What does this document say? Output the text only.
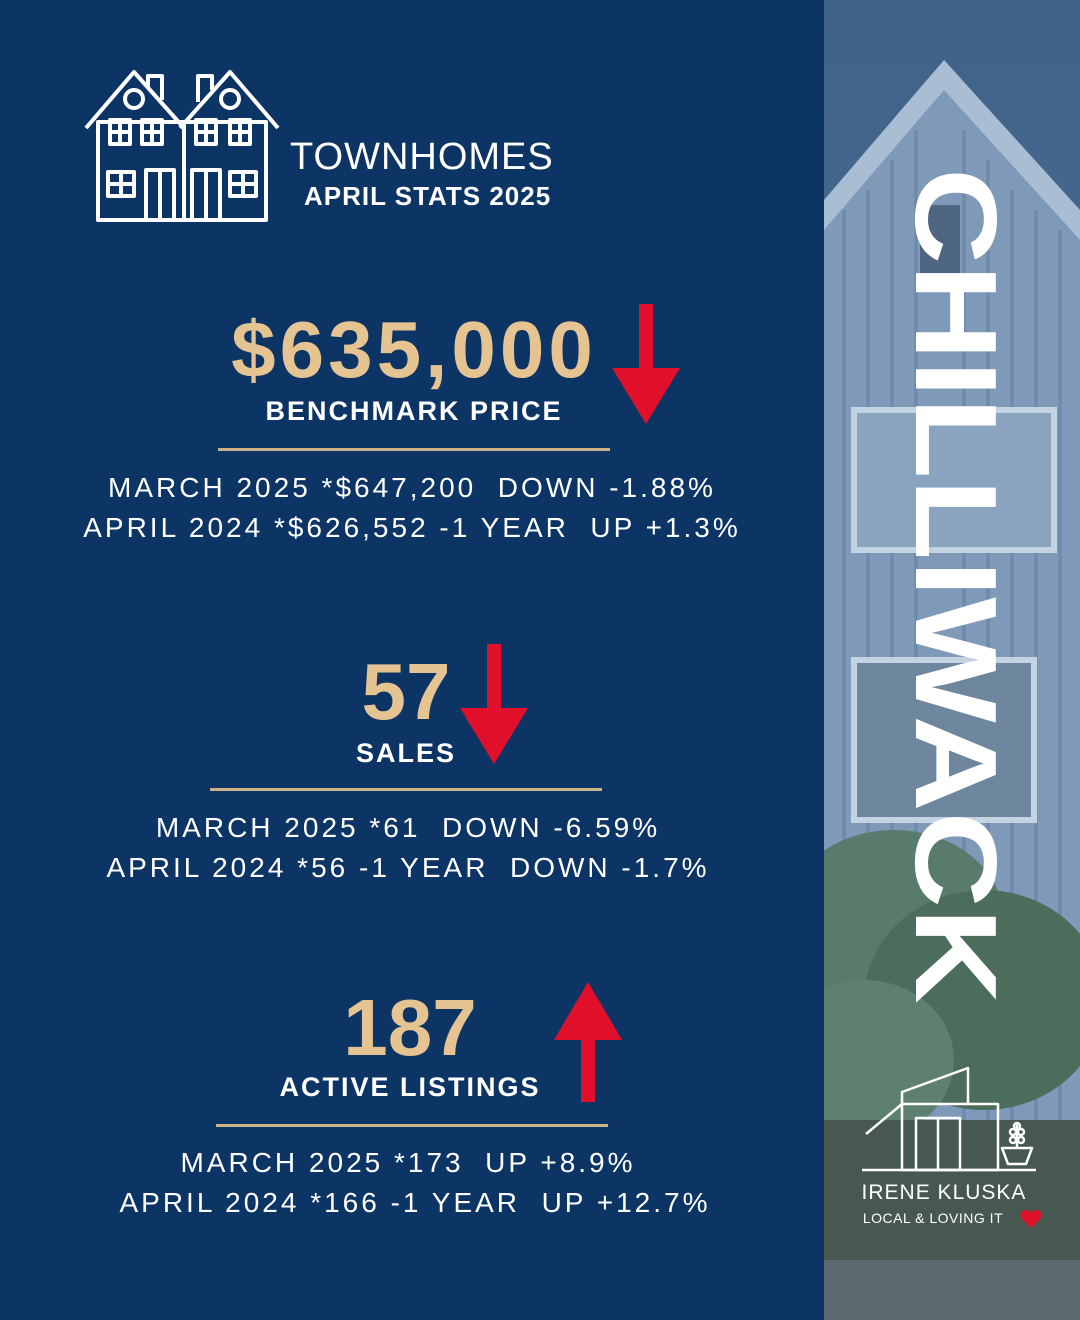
TOWNHOMES
APRIL STATS 2025
$635,000
BENCHMARK PRICE
MARCH 2025 *$647,200  DOWN -1.88%
APRIL 2024 *$626,552 -1 YEAR  UP +1.3%
57
SALES
MARCH 2025 *61  DOWN -6.59%
APRIL 2024 *56 -1 YEAR  DOWN -1.7%
187
ACTIVE LISTINGS
MARCH 2025 *173  UP +8.9%
APRIL 2024 *166 -1 YEAR  UP +12.7%
CHILLIWACK
IRENE KLUSKA
LOCAL & LOVING IT
